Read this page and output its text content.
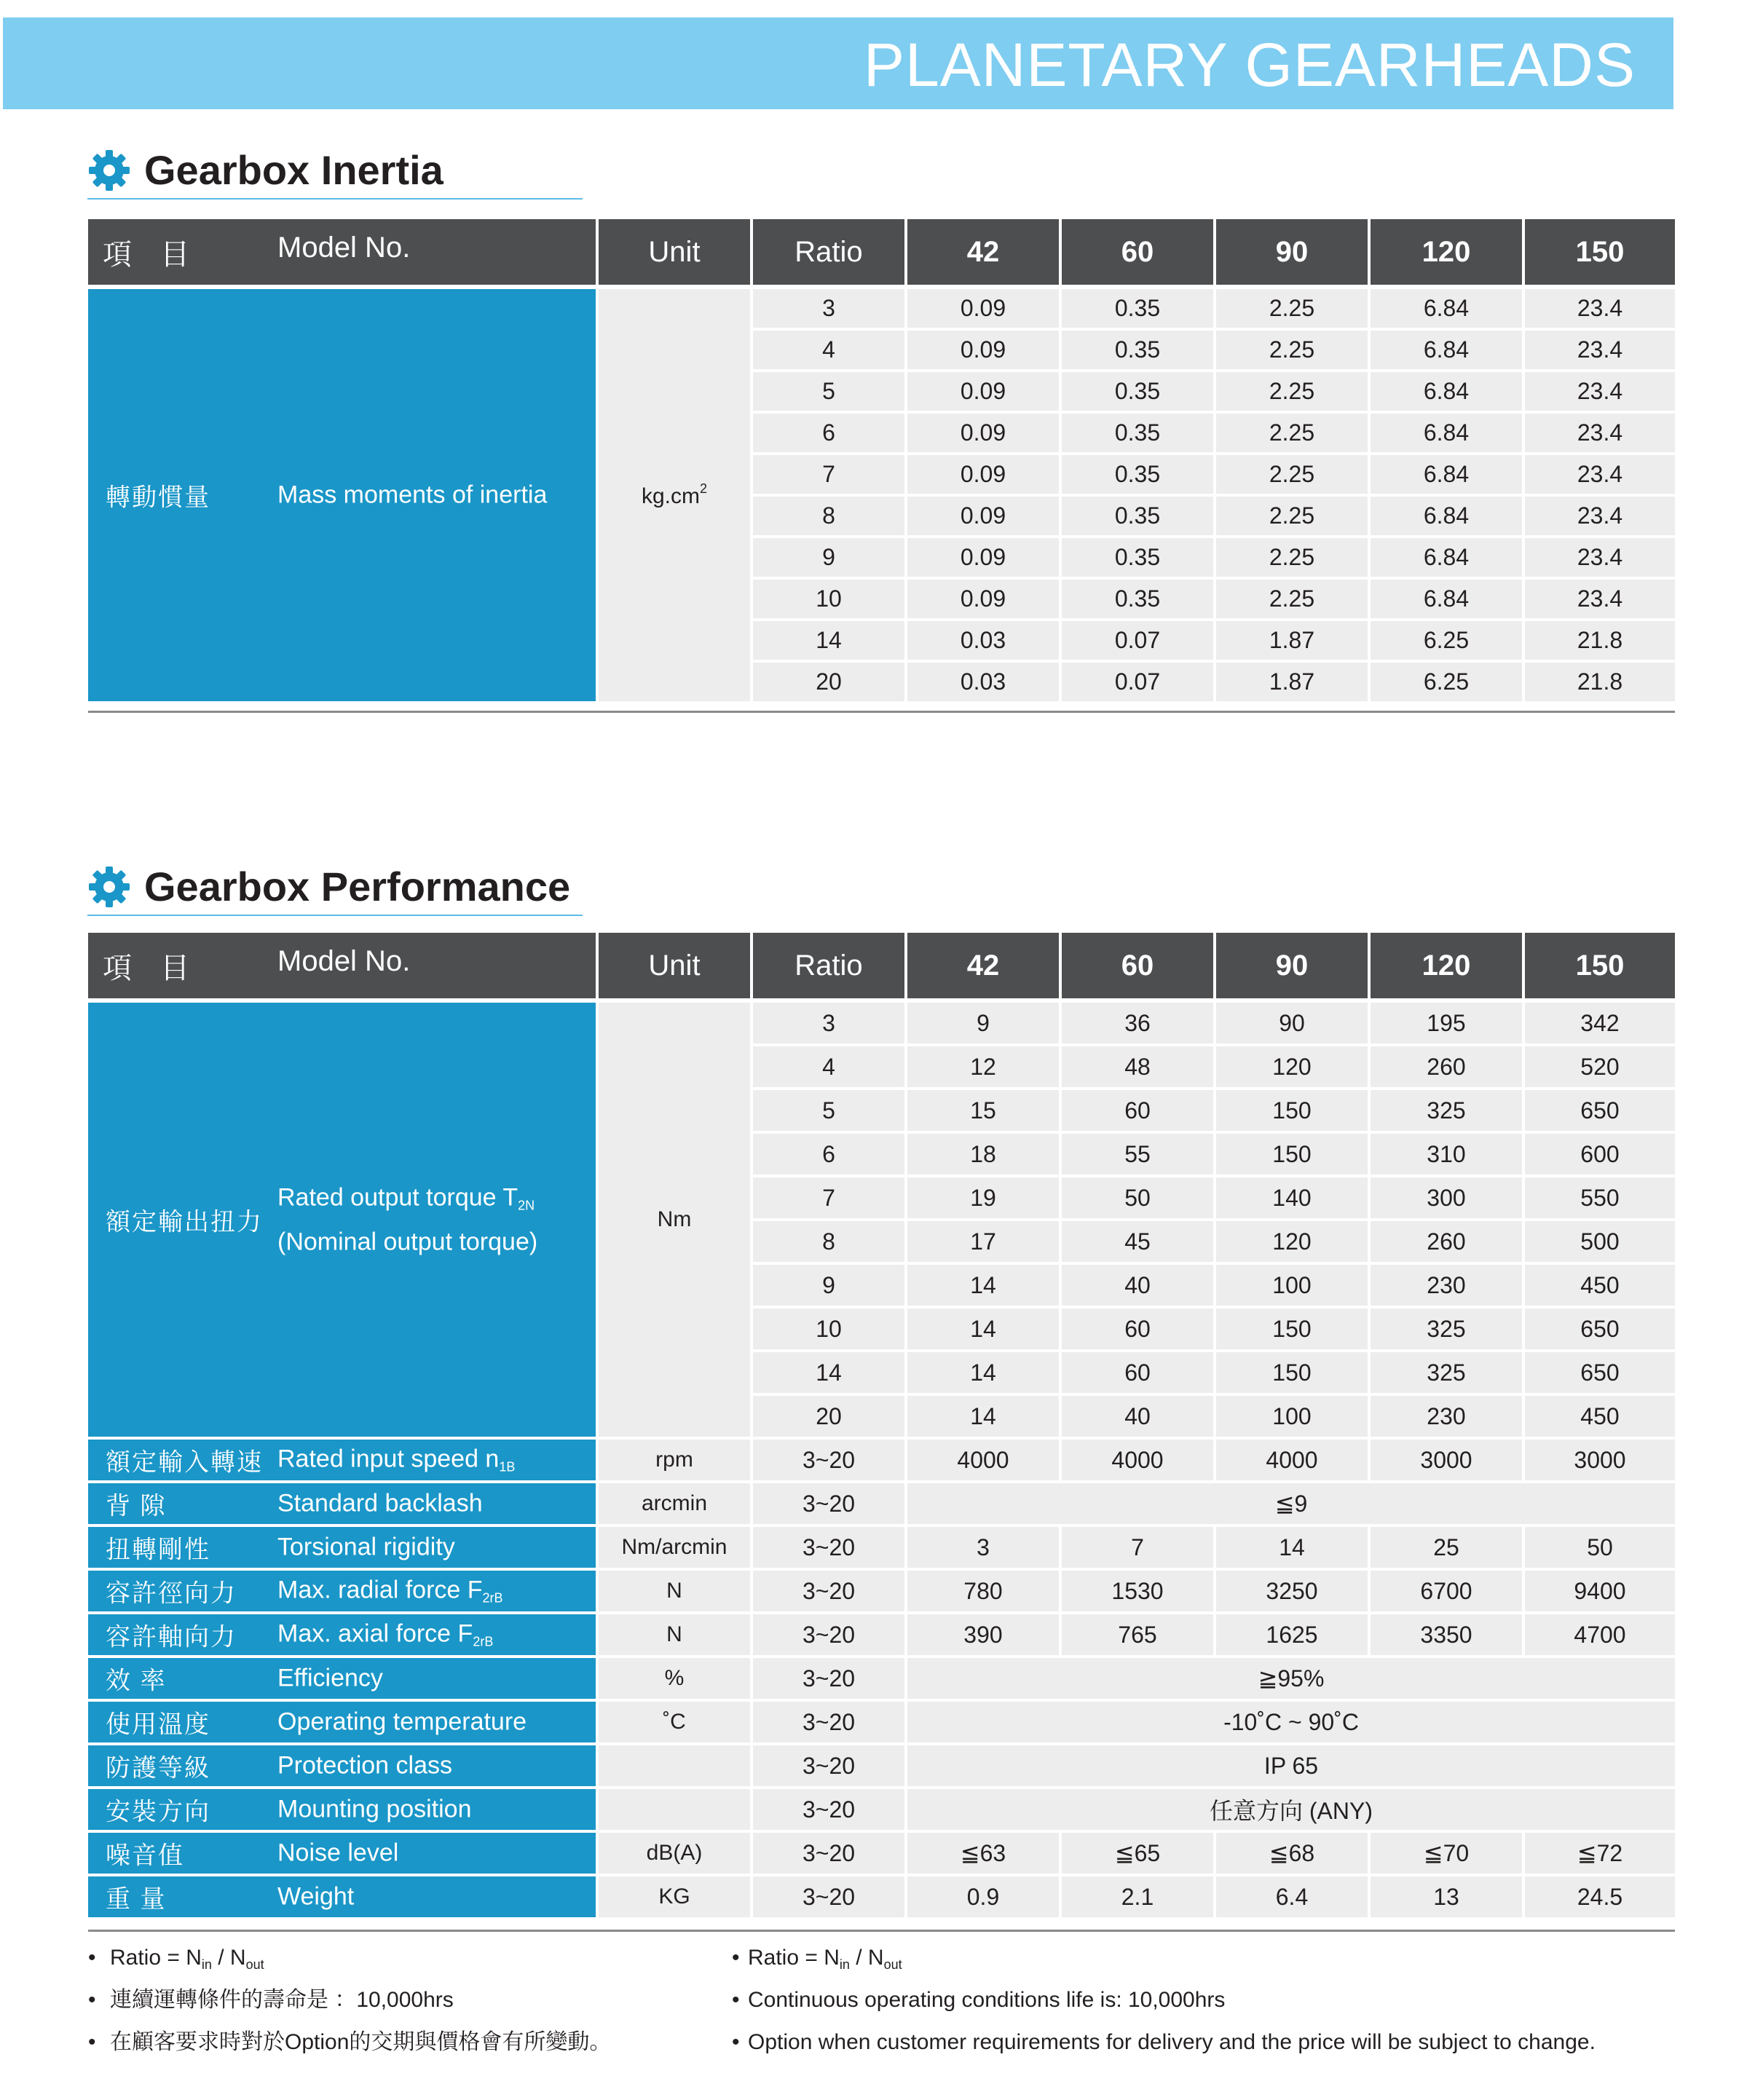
PLANETARY GEARHEADS
Gearbox Inertia
項 目 Model No.	Unit	Ratio	42	60	90	120	150

轉動慣量 Mass moments of inertia	$kg.cm^2$	3	0.09	0.35	2.25	6.84	23.4
		4	0.09	0.35	2.25	6.84	23.4
		5	0.09	0.35	2.25	6.84	23.4
		6	0.09	0.35	2.25	6.84	23.4
		7	0.09	0.35	2.25	6.84	23.4
		8	0.09	0.35	2.25	6.84	23.4
		9	0.09	0.35	2.25	6.84	23.4
		10	0.09	0.35	2.25	6.84	23.4
		14	0.03	0.07	1.87	6.25	21.8
		20	0.03	0.07	1.87	6.25	21.8
Gearbox Performance
項 目 Model No.	Unit	Ratio	42	60	90	120	150

額定輸出扭力
Rated output torque $T_{2N}$
(Nominal output torque)	Nm	3	9	36	90	195	342
		4	12	48	120	260	520
		5	15	60	150	325	650
		6	18	55	150	310	600
		7	19	50	140	300	550
		8	17	45	120	260	500
		9	14	40	100	230	450
		10	14	60	150	325	650
		14	14	60	150	325	650
		20	14	40	100	230	450

額定輸入轉速 Rated input speed $n_{1B}$	rpm	3~20	4000	4000	4000	3000	3000

背 隙 Standard backlash	arcmin	3~20	≦9				

扭轉剛性 Torsional rigidity	Nm/arcmin	3~20	3	7	14	25	50

容許徑向力 Max. radial force $F_{2rB}$	N	3~20	780	1530	3250	6700	9400

容許軸向力 Max. axial force $F_{2rB}$	N	3~20	390	765	1625	3350	4700

效 率 Efficiency	%	3~20	≧95%				

使用溫度 Operating temperature	˚C	3~20	-10˚C ~ 90˚C				

防護等級 Protection class		3~20	IP 65				

安裝方向 Mounting position		3~20	任意方向 (ANY)				

噪音值 Noise level	dB(A)	3~20	≦63	≦65	≦68	≦70	≦72

重 量 Weight	KG	3~20	0.9	2.1	6.4	13	24.5
• Ratio = $N_{in} / N_{out}$
• 連續運轉條件的壽命是 ：10,000hrs
• 在顧客要求時對於Option的交期與價格會有所變動。
• Ratio = $N_{in} / N_{out}$
• Continuous operating conditions life is: 10,000hrs
• Option when customer requirements for delivery and the price will be subject to change.
